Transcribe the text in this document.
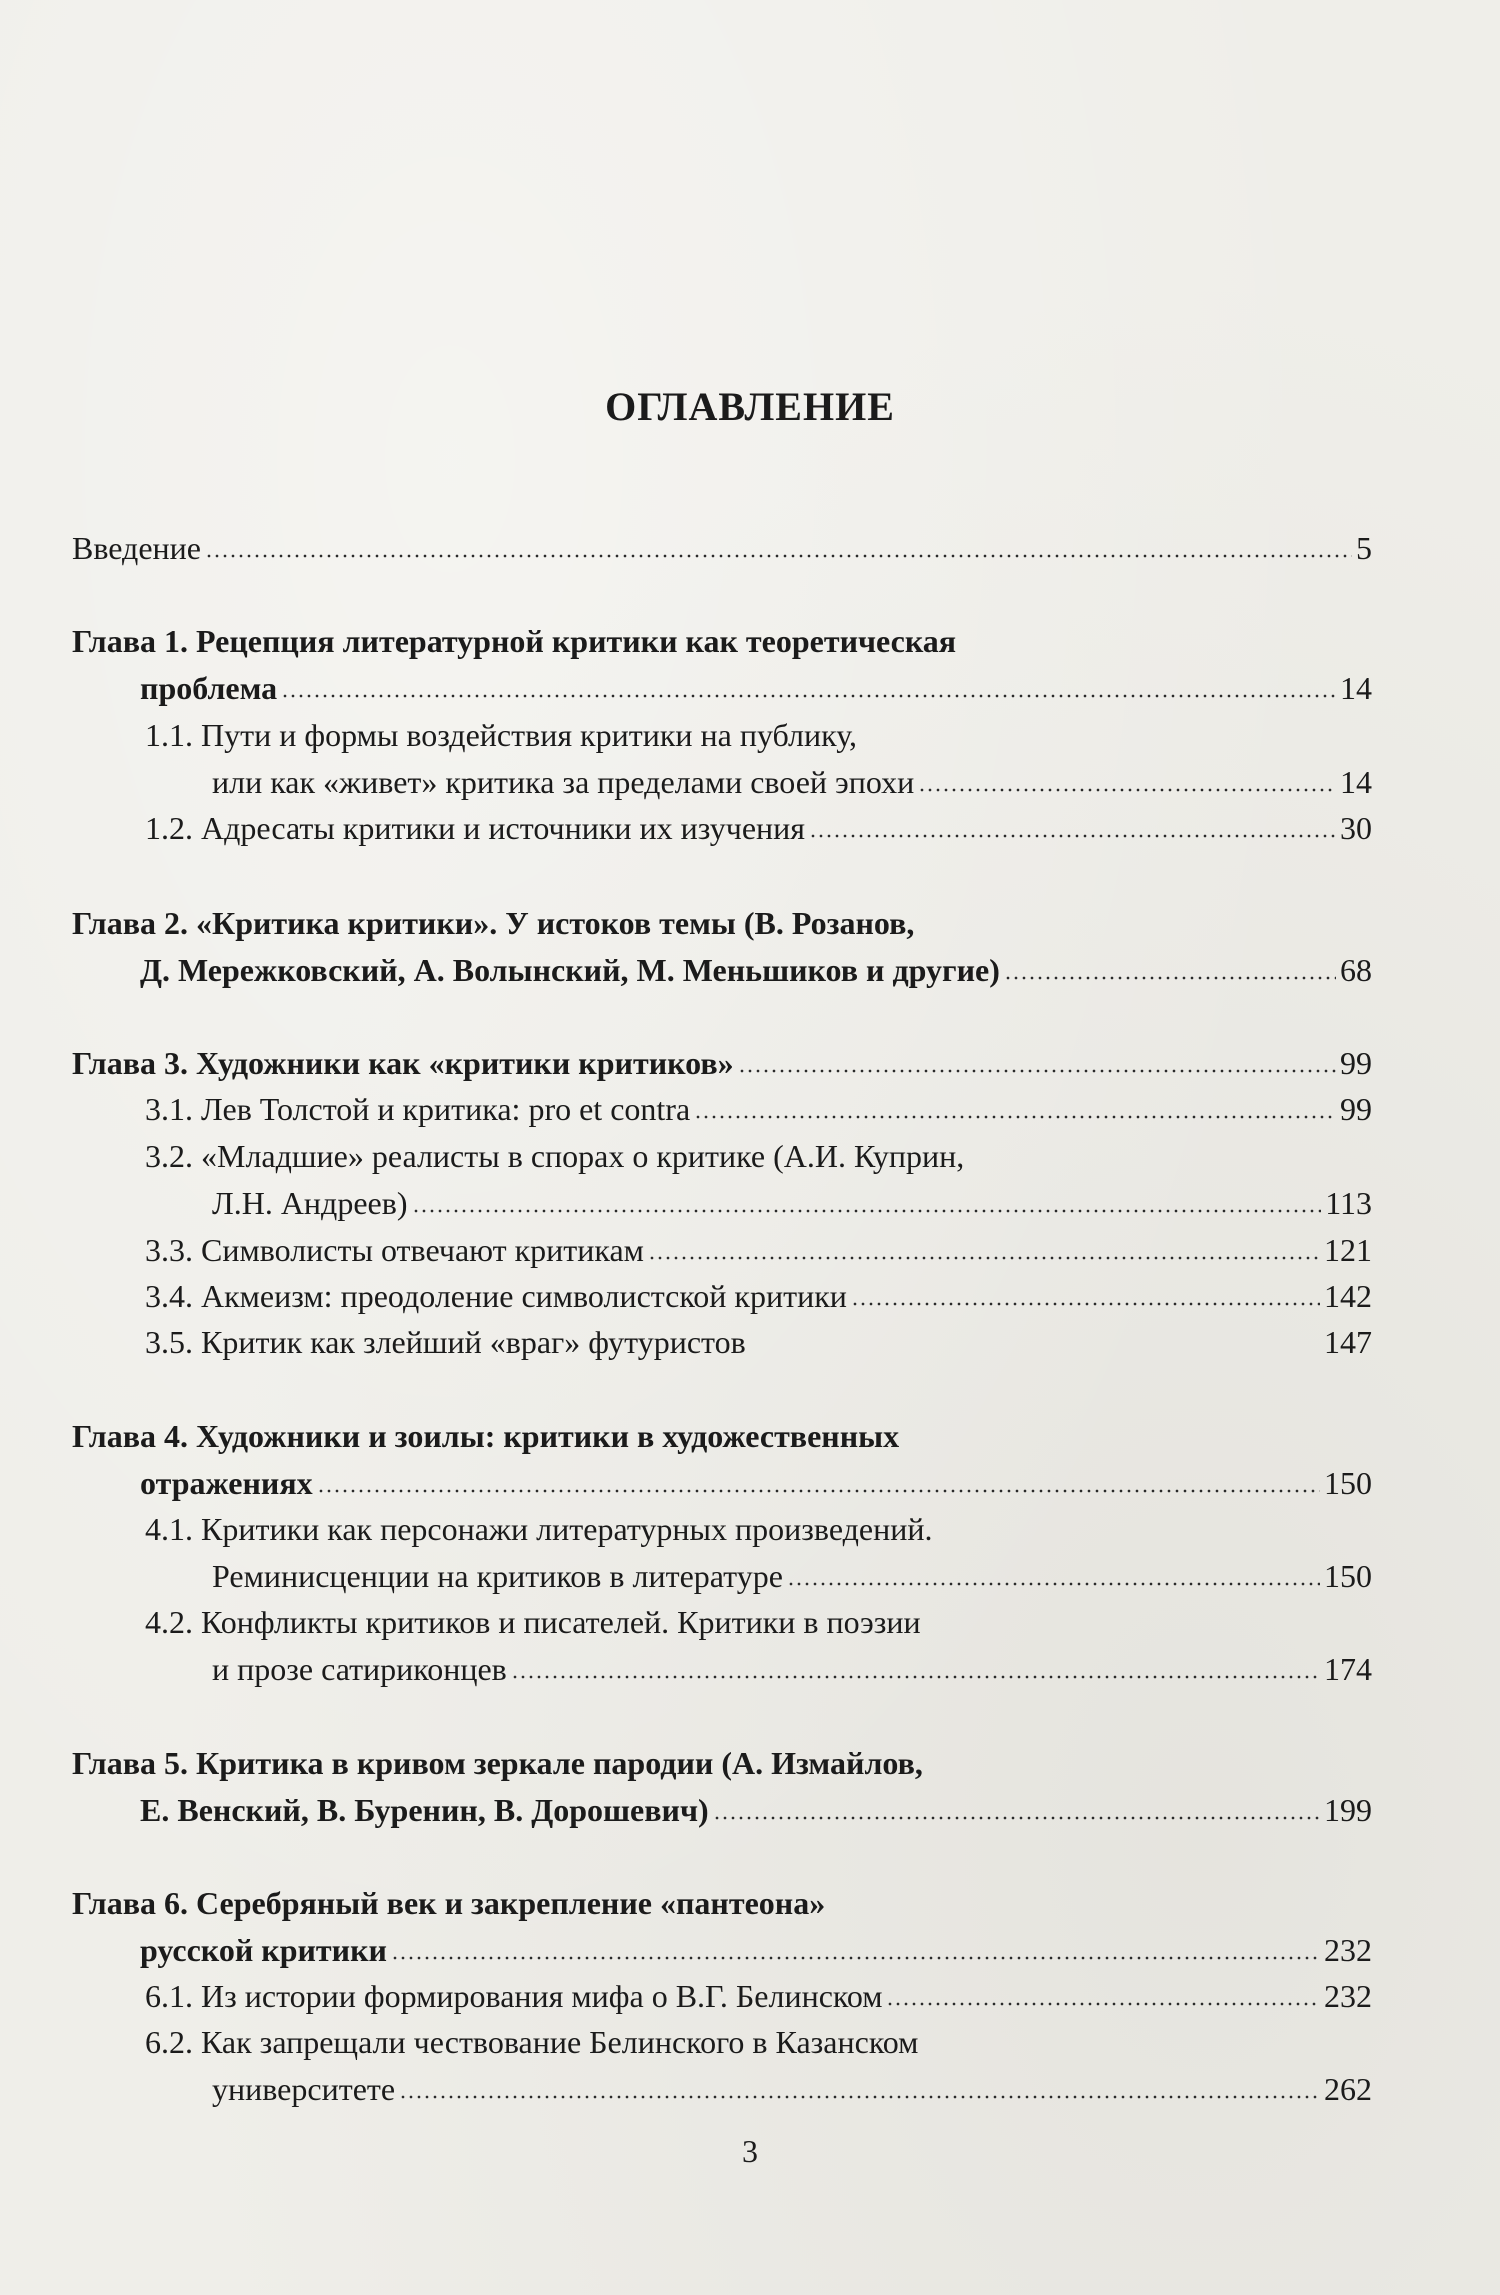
ОГЛАВЛЕНИЕ
Введение	5
Глава 1. Рецепция литературной критики как теоретическая
проблема	14
1.1. Пути и формы воздействия критики на публику,
или как «живет» критика за пределами своей эпохи	14
1.2. Адресаты критики и источники их изучения	30
Глава 2. «Критика критики». У истоков темы (В. Розанов,
Д. Мережковский, А. Волынский, М. Меньшиков и другие)	68
Глава 3. Художники как «критики критиков»	99
3.1. Лев Толстой и критика: pro et contra	99
3.2. «Младшие» реалисты в спорах о критике (А.И. Куприн,
Л.Н. Андреев)	113
3.3. Символисты отвечают критикам	121
3.4. Акмеизм: преодоление символистской критики	142
3.5. Критик как злейший «враг» футуристов	147
Глава 4. Художники и зоилы: критики в художественных
отражениях	150
4.1. Критики как персонажи литературных произведений.
Реминисценции на критиков в литературе	150
4.2. Конфликты критиков и писателей. Критики в поэзии
и прозе сатириконцев	174
Глава 5. Критика в кривом зеркале пародии (А. Измайлов,
Е. Венский, В. Буренин, В. Дорошевич)	199
Глава 6. Серебряный век и закрепление «пантеона»
русской критики	232
6.1. Из истории формирования мифа о В.Г. Белинском	232
6.2. Как запрещали чествование Белинского в Казанском
университете	262
3
